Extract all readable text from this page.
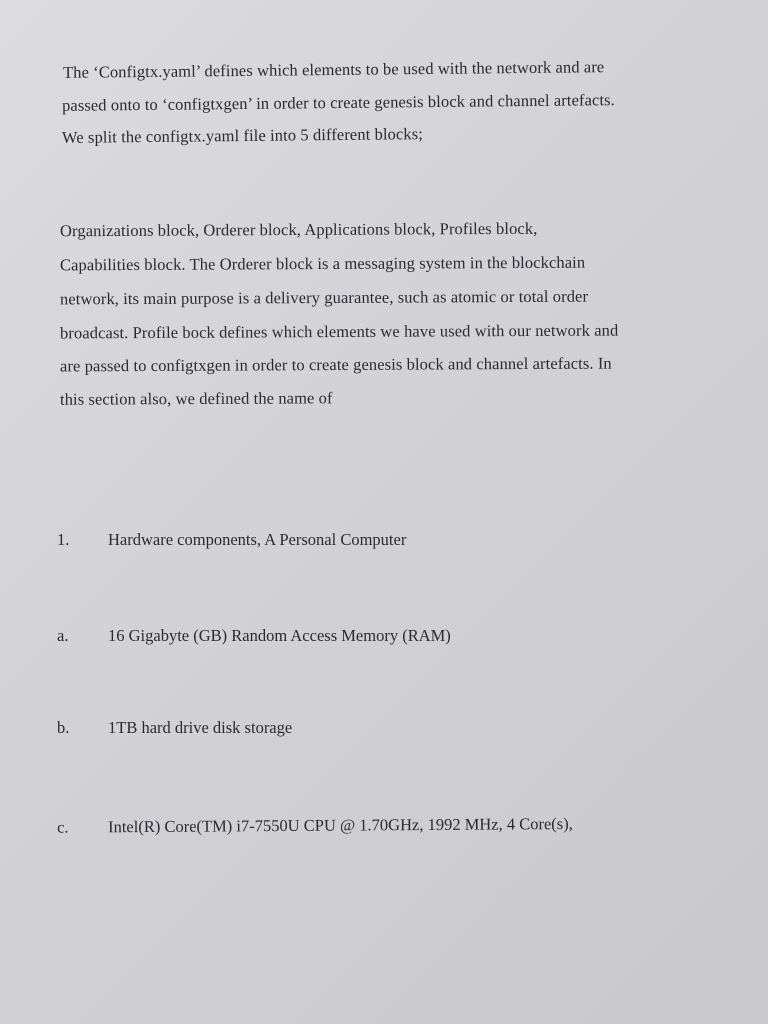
The ‘Configtx.yaml’ defines which elements to be used with the network and are
passed onto to ‘configtxgen’ in order to create genesis block and channel artefacts.
We split the configtx.yaml file into 5 different blocks;
Organizations block, Orderer block, Applications block, Profiles block,
Capabilities block. The Orderer block is a messaging system in the blockchain
network, its main purpose is a delivery guarantee, such as atomic or total order
broadcast. Profile bock defines which elements we have used with our network and
are passed to configtxgen in order to create genesis block and channel artefacts. In
this section also, we defined the name of
1. Hardware components, A Personal Computer
a. 16 Gigabyte (GB) Random Access Memory (RAM)
b. 1TB hard drive disk storage
c. Intel(R) Core(TM) i7-7550U CPU @ 1.70GHz, 1992 MHz, 4 Core(s),
